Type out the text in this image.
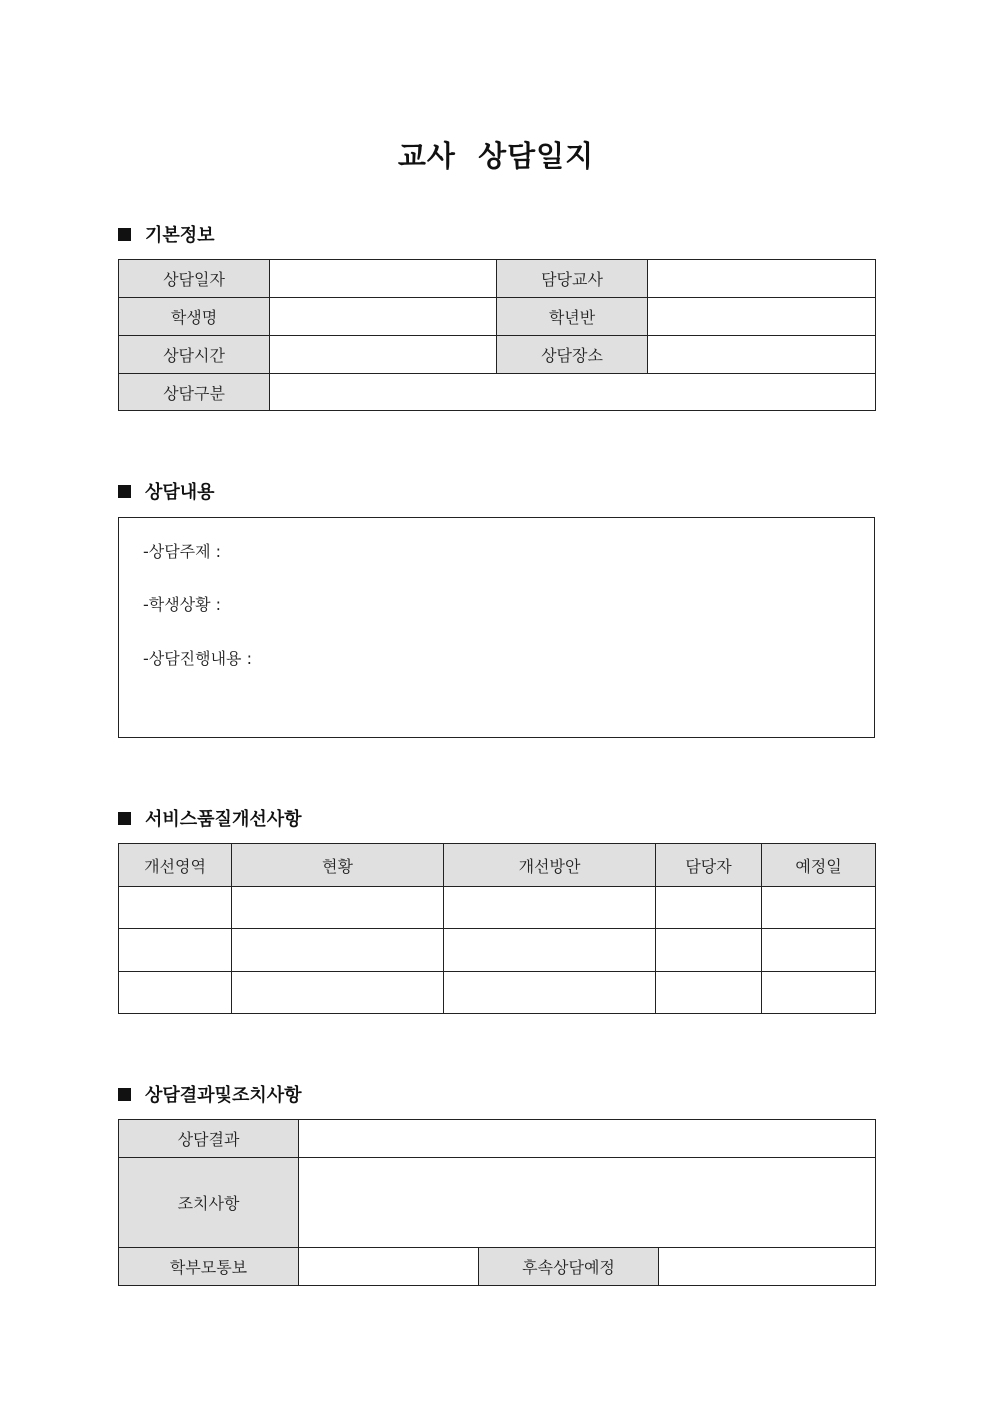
교사  상담일지
기본정보
상담일자		담당교사	
학생명		학년반	
상담시간		상담장소	
상담구분			
상담내용
-상담주제 :
-학생상황 :
-상담진행내용 :
서비스품질개선사항
개선영역	현황	개선방안	담당자	예정일

상담결과및조치사항
상담결과			
조치사항			
학부모통보		후속상담예정	
